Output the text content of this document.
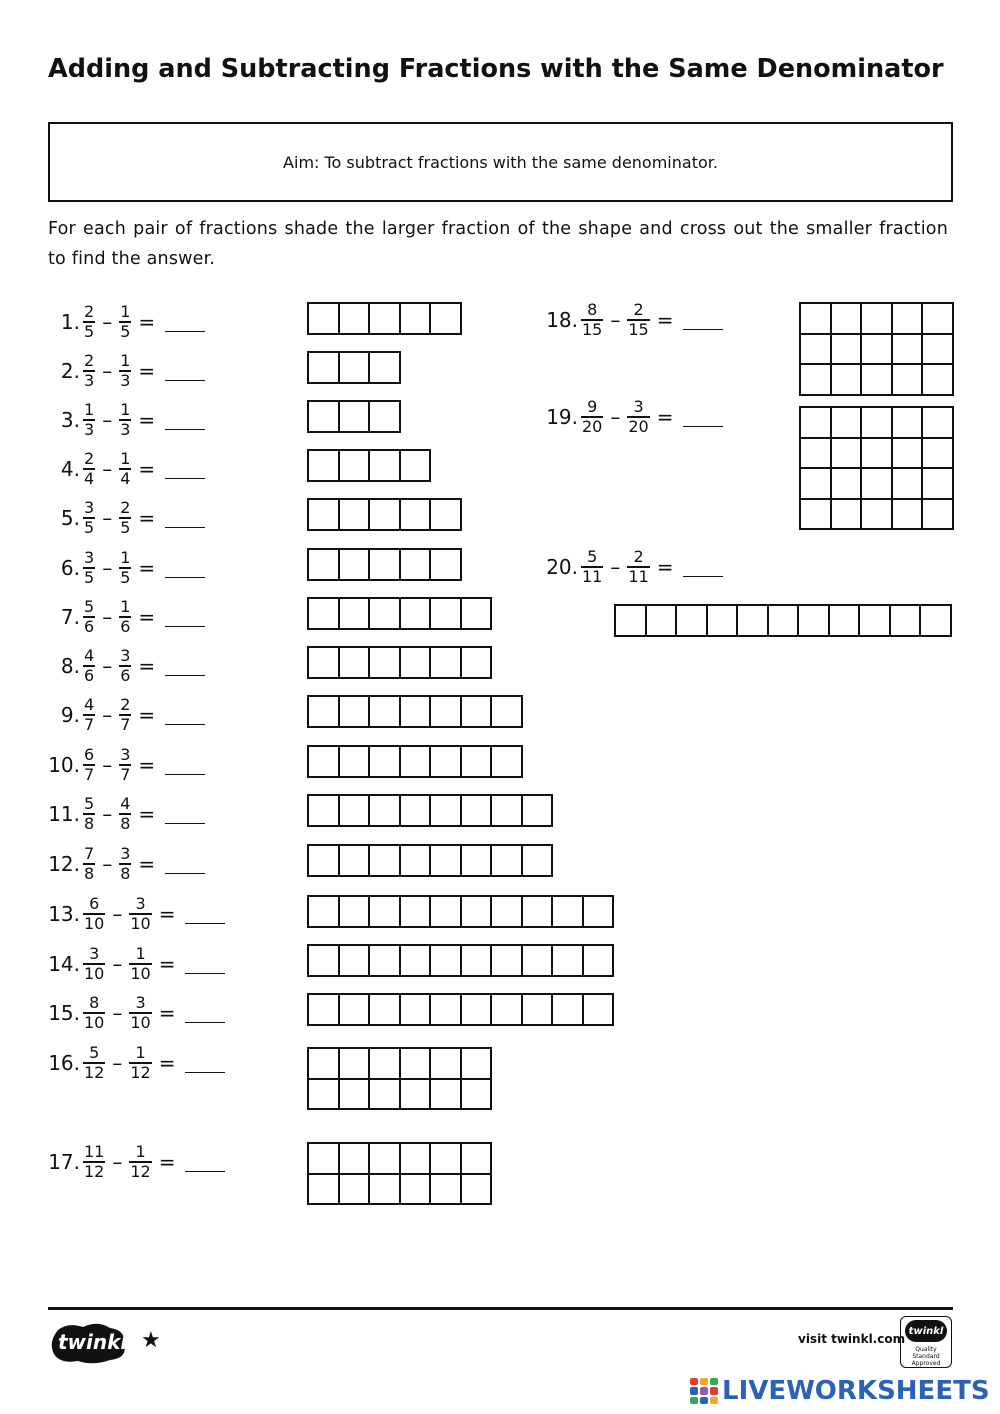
Adding and Subtracting Fractions with the Same Denominator
Aim: To subtract fractions with the same denominator.

For each pair of fractions shade the larger fraction of the shape and cross out the smaller fraction to find the answer.

1. $\frac{2}{5} - \frac{1}{5}$ =
2. $\frac{2}{3} - \frac{1}{3}$ =
3. $\frac{1}{3} - \frac{1}{3}$ =
4. $\frac{2}{4} - \frac{1}{4}$ =
5. $\frac{3}{5} - \frac{2}{5}$ =
6. $\frac{3}{5} - \frac{1}{5}$ =
7. $\frac{5}{6} - \frac{1}{6}$ =
8. $\frac{4}{6} - \frac{3}{6}$ =
9. $\frac{4}{7} - \frac{2}{7}$ =
10. $\frac{6}{7} - \frac{3}{7}$ =
11. $\frac{5}{8} - \frac{4}{8}$ =
12. $\frac{7}{8} - \frac{3}{8}$ =
13. $\frac{6}{10} - \frac{3}{10}$ =
14. $\frac{3}{10} - \frac{1}{10}$ =
15. $\frac{8}{10} - \frac{3}{10}$ =
16. $\frac{5}{12} - \frac{1}{12}$ =
17. $\frac{11}{12} - \frac{1}{12}$ =
18. $\frac{8}{15} - \frac{2}{15}$ =
19. $\frac{9}{20} - \frac{3}{20}$ =
20. $\frac{5}{11} - \frac{2}{11}$ =
twinkl ★	visit twinkl.com
twinkl
Quality Standard Approved
LIVEWORKSHEETS
